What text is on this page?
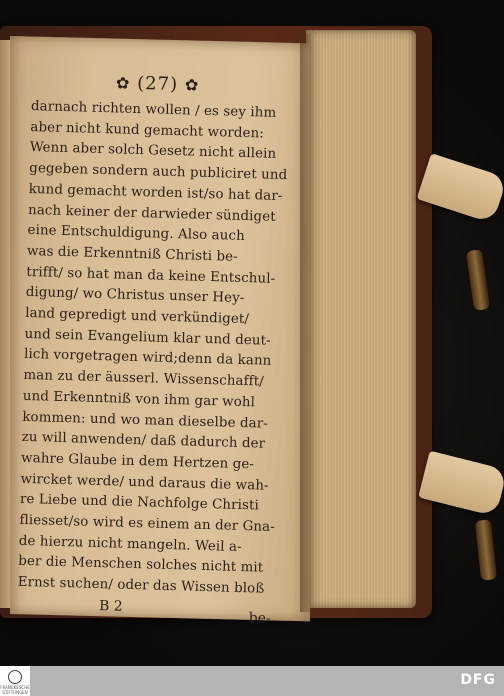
✿ (27) ✿
darnach richten wollen / es sey ihm
aber nicht kund gemacht worden:
Wenn aber solch Gesetz nicht allein
gegeben sondern auch publiciret und
kund gemacht worden ist/so hat dar-
nach keiner der darwieder sündiget
eine Entschuldigung. Also auch
was die Erkenntniß Christi be-
trifft/ so hat man da keine Entschul-
digung/ wo Christus unser Hey-
land gepredigt und verkündiget/
und sein Evangelium klar und deut-
lich vorgetragen wird;denn da kann
man zu der äusserl. Wissenschafft/
und Erkenntniß von ihm gar wohl
kommen: und wo man dieselbe dar-
zu will anwenden/ daß dadurch der
wahre Glaube in dem Hertzen ge-
wircket werde/ und daraus die wah-
re Liebe und die Nachfolge Christi
fliesset/so wird es einem an der Gna-
de hierzu nicht mangeln. Weil a-
ber die Menschen solches nicht mit
Ernst suchen/ oder das Wissen bloß
B 2
be-
FRANCKESCHE STIFTUNGEN
DFG
